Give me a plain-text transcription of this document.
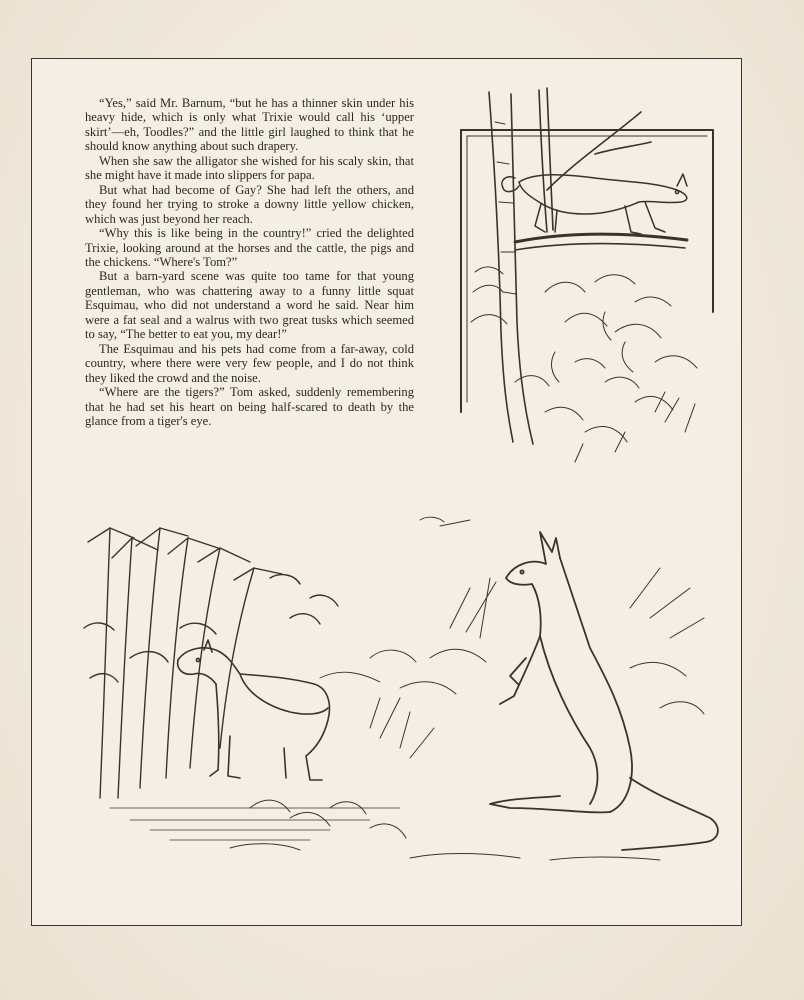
“Yes,” said Mr. Barnum, “but he has a thinner skin under his heavy hide, which is only what Trixie would call his ‘upper skirt’—eh, Toodles?” and the little girl laughed to think that he should know anything about such drapery.

When she saw the alligator she wished for his scaly skin, that she might have it made into slippers for papa.

But what had become of Gay? She had left the others, and they found her trying to stroke a downy little yellow chicken, which was just beyond her reach.

“Why this is like being in the country!” cried the delighted Trixie, looking around at the horses and the cattle, the pigs and the chickens. “Where's Tom?”

But a barn-yard scene was quite too tame for that young gentleman, who was chattering away to a funny little squat Esquimau, who did not understand a word he said. Near him were a fat seal and a walrus with two great tusks which seemed to say, “The better to eat you, my dear!”

The Esquimau and his pets had come from a far-away, cold country, where there were very few people, and I do not think they liked the crowd and the noise.

“Where are the tigers?” Tom asked, suddenly remembering that he had set his heart on being half-scared to death by the glance from a tiger's eye.
